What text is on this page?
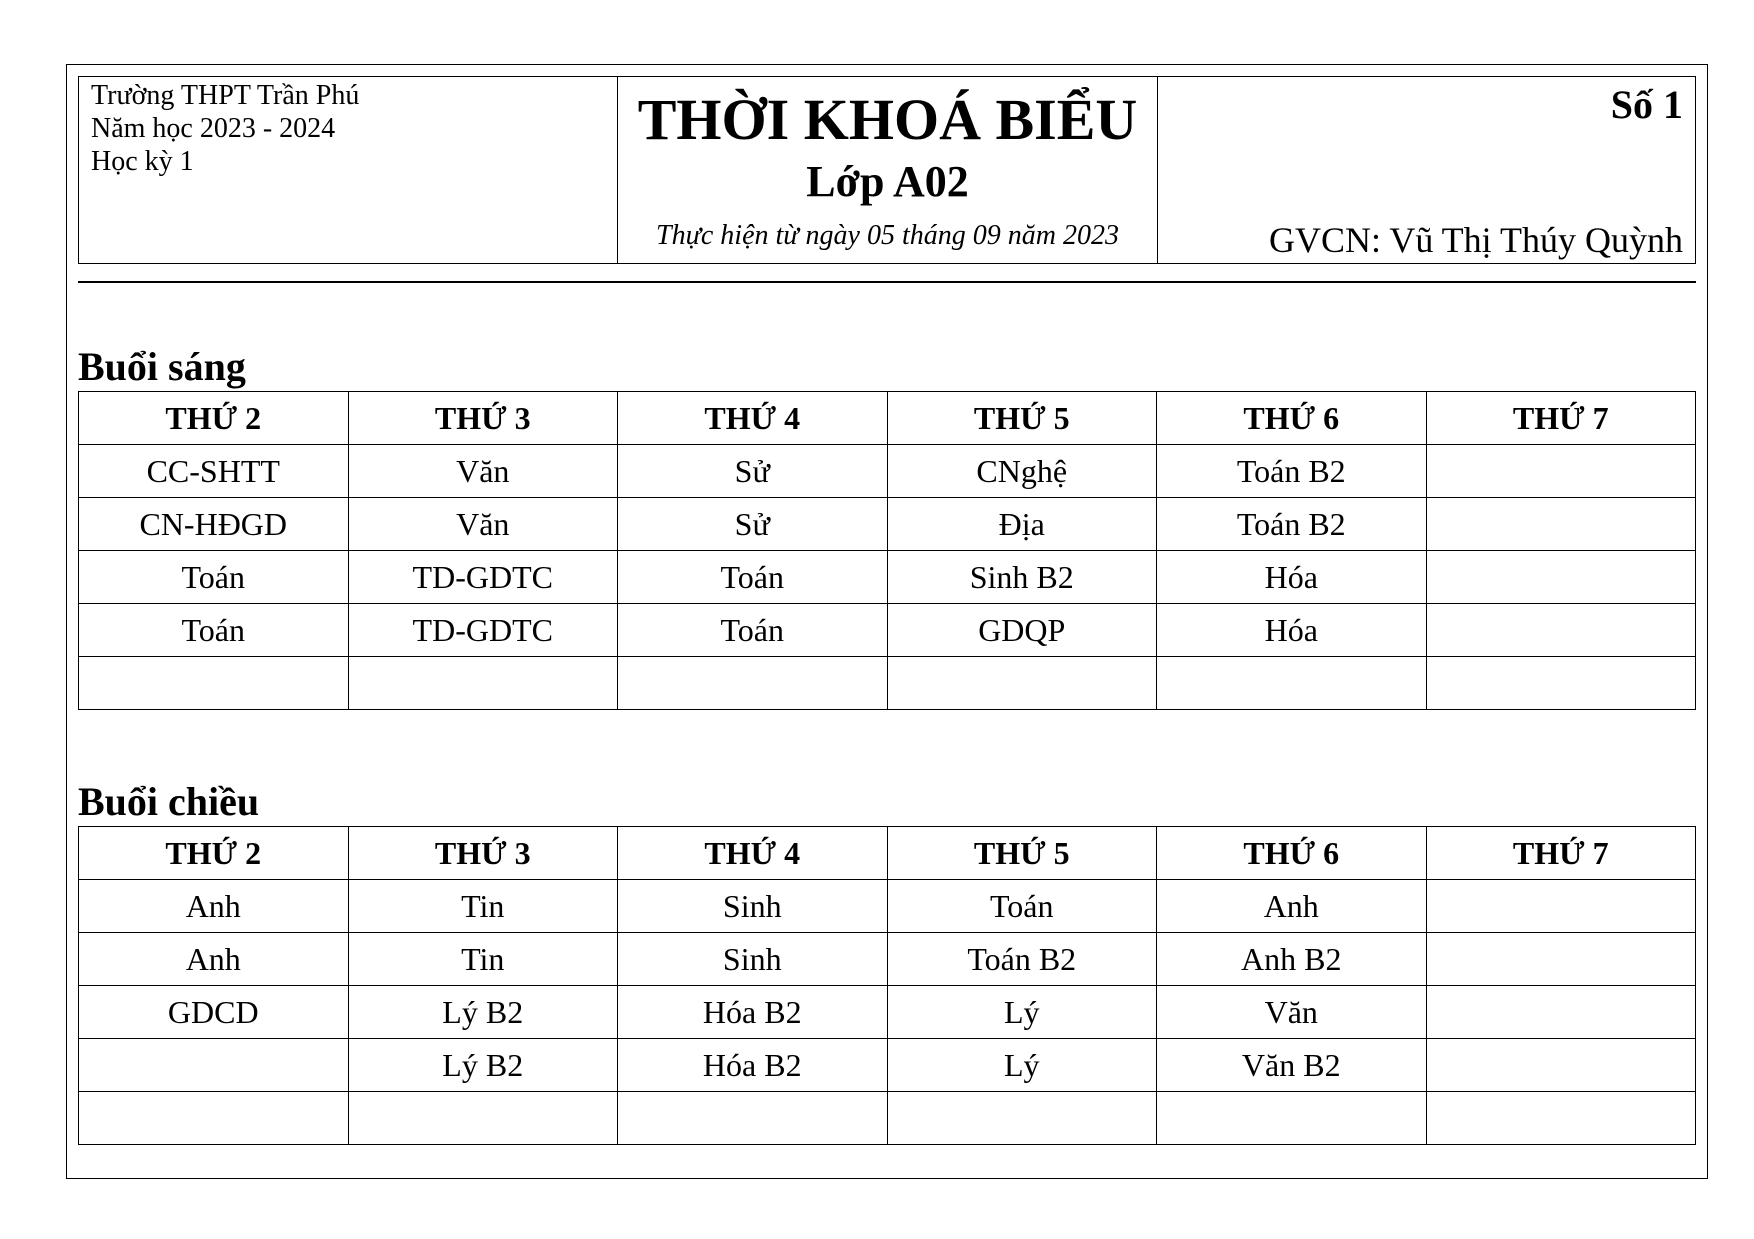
Trường THPT Trần Phú
Năm học 2023 - 2024
Học kỳ 1
THỜI KHOÁ BIỂU
Lớp A02
Thực hiện từ ngày 05 tháng 09 năm 2023
Số 1
GVCN: Vũ Thị Thúy Quỳnh
Buổi sáng
THỨ 2	THỨ 3	THỨ 4	THỨ 5	THỨ 6	THỨ 7
CC-SHTT	Văn	Sử	CNghệ	Toán B2	
CN-HĐGD	Văn	Sử	Địa	Toán B2	
Toán	TD-GDTC	Toán	Sinh B2	Hóa	
Toán	TD-GDTC	Toán	GDQP	Hóa	

Buổi chiều
THỨ 2	THỨ 3	THỨ 4	THỨ 5	THỨ 6	THỨ 7
Anh	Tin	Sinh	Toán	Anh	
Anh	Tin	Sinh	Toán B2	Anh B2	
GDCD	Lý B2	Hóa B2	Lý	Văn	
	Lý B2	Hóa B2	Lý	Văn B2	
